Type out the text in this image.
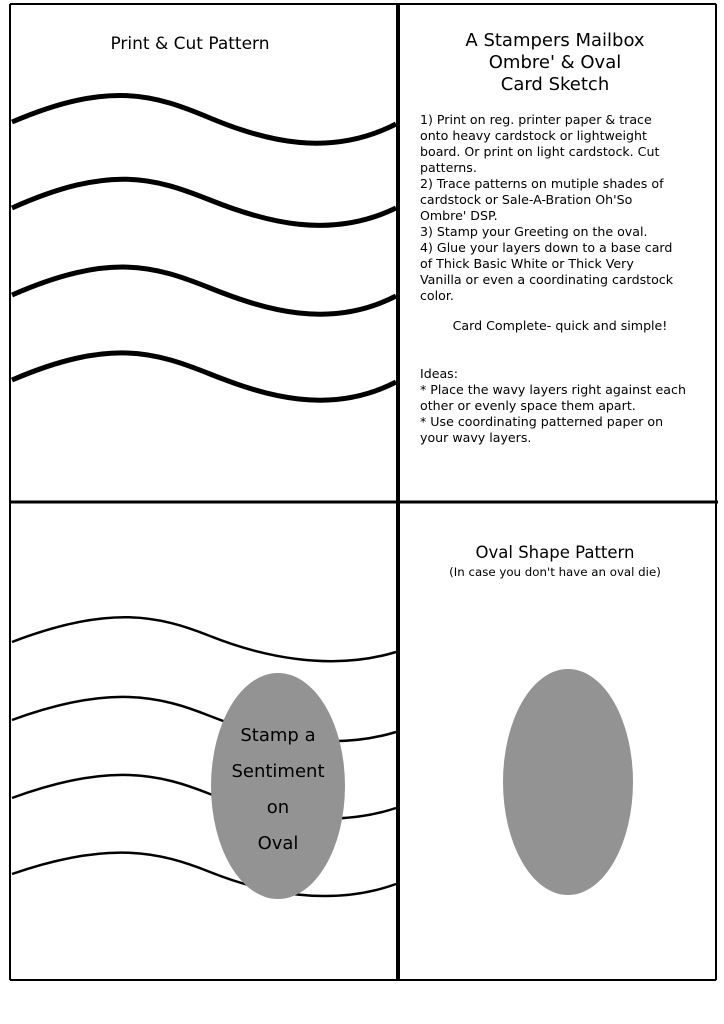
Print & Cut Pattern	A Stampers Mailbox
Ombre' & Oval
Card Sketch
1) Print on reg. printer paper & trace
onto heavy cardstock or lightweight
board. Or print on light cardstock. Cut
patterns.
2) Trace patterns on mutiple shades of
cardstock or Sale-A-Bration Oh'So
Ombre' DSP.
3) Stamp your Greeting on the oval.
4) Glue your layers down to a base card
of Thick Basic White or Thick Very
Vanilla or even a coordinating cardstock
color.
Card Complete- quick and simple!
Ideas:
* Place the wavy layers right against each
other or evenly space them apart.
* Use coordinating patterned paper on
your wavy layers.
Stamp a
Sentiment
on
Oval
Oval Shape Pattern
(In case you don't have an oval die)
